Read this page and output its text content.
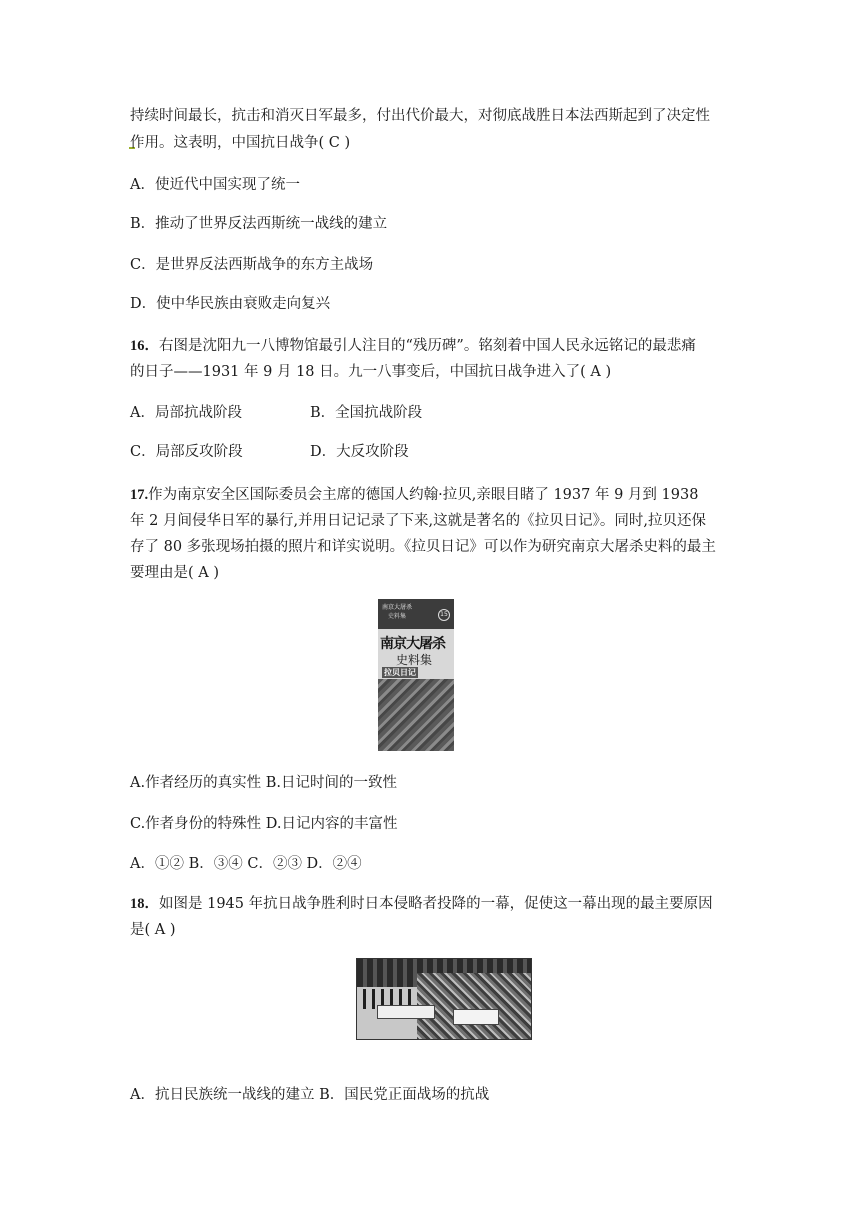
持续时间最长，抗击和消灭日军最多，付出代价最大，对彻底战胜日本法西斯起到了决定性
作用。这表明，中国抗日战争( C )
A．使近代中国实现了统一
B．推动了世界反法西斯统一战线的建立
C．是世界反法西斯战争的东方主战场
D．使中华民族由衰败走向复兴
16．右图是沈阳九一八博物馆最引人注目的“残历碑”。铭刻着中国人民永远铭记的最悲痛
的日子——1931 年 9 月 18 日。九一八事变后，中国抗日战争进入了( A )
A．局部抗战阶段	B．全国抗战阶段
C．局部反攻阶段	D．大反攻阶段
17.作为南京安全区国际委员会主席的德国人约翰·拉贝,亲眼目睹了 1937 年 9 月到 1938
年 2 月间侵华日军的暴行,并用日记记录了下来,这就是著名的《拉贝日记》。同时,拉贝还保
存了 80 多张现场拍摄的照片和详实说明。《拉贝日记》可以作为研究南京大屠杀史料的最主
要理由是( A )
南京大屠杀
史料集	15
南京大屠杀
史料集
拉贝日记
A.作者经历的真实性 B.日记时间的一致性
C.作者身份的特殊性 D.日记内容的丰富性
A．①② B．③④ C．②③ D．②④
18．如图是 1945 年抗日战争胜利时日本侵略者投降的一幕，促使这一幕出现的最主要原因
是( A )
A．抗日民族统一战线的建立 B．国民党正面战场的抗战
